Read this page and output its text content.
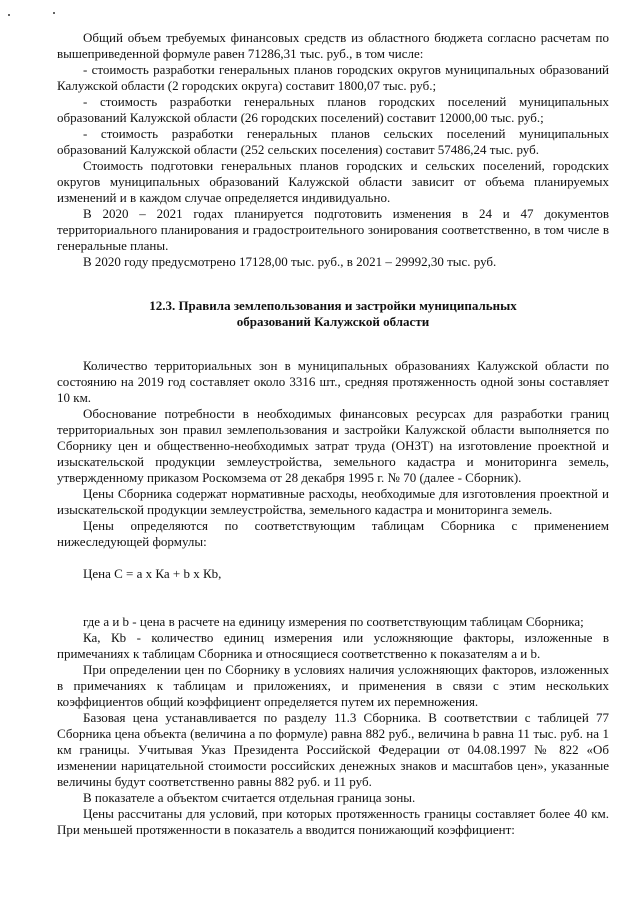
Общий объем требуемых финансовых средств из областного бюджета согласно расчетам по вышеприведенной формуле равен 71286,31 тыс. руб., в том числе:

- стоимость разработки генеральных планов городских округов муниципальных образований Калужской области (2 городских округа) составит 1800,07 тыс. руб.;

- стоимость разработки генеральных планов городских поселений муниципальных образований Калужской области (26 городских поселений) составит 12000,00 тыс. руб.;

- стоимость разработки генеральных планов сельских поселений муниципальных образований Калужской области (252 сельских поселения) составит 57486,24 тыс. руб.

Стоимость подготовки генеральных планов городских и сельских поселений, городских округов муниципальных образований Калужской области зависит от объема планируемых изменений и в каждом случае определяется индивидуально.

В 2020 – 2021 годах планируется подготовить изменения в 24 и 47 документов территориального планирования и градостроительного зонирования соответственно, в том числе в генеральные планы.

В 2020 году предусмотрено 17128,00 тыс. руб., в 2021 – 29992,30 тыс. руб.

12.3. Правила землепользования и застройки муниципальных

образований Калужской области

Количество территориальных зон в муниципальных образованиях Калужской области по состоянию на 2019 год составляет около 3316 шт., средняя протяженность одной зоны составляет 10 км.

Обоснование потребности в необходимых финансовых ресурсах для разработки границ территориальных зон правил землепользования и застройки Калужской области выполняется по Сборнику цен и общественно-необходимых затрат труда (ОНЗТ) на изготовление проектной и изыскательской продукции землеустройства, земельного кадастра и мониторинга земель, утвержденному приказом Роскомзема от 28 декабря 1995 г. № 70 (далее - Сборник).

Цены Сборника содержат нормативные расходы, необходимые для изготовления проектной и изыскательской продукции землеустройства, земельного кадастра и мониторинга земель.

Цены определяются по соответствующим таблицам Сборника с применением нижеследующей формулы:

Цена С = а х Ка + b х Кb,

где а и b - цена в расчете на единицу измерения по соответствующим таблицам Сборника;

Ка, Кb - количество единиц измерения или усложняющие факторы, изложенные в примечаниях к таблицам Сборника и относящиеся соответственно к показателям а и b.

При определении цен по Сборнику в условиях наличия усложняющих факторов, изложенных в примечаниях к таблицам и приложениях, и применения в связи с этим нескольких коэффициентов общий коэффициент определяется путем их перемножения.

Базовая цена устанавливается по разделу 11.3 Сборника. В соответствии с таблицей 77 Сборника цена объекта (величина а по формуле) равна 882 руб., величина b равна 11 тыс. руб. на 1 км границы. Учитывая Указ Президента Российской Федерации от 04.08.1997 № 822 «Об изменении нарицательной стоимости российских денежных знаков и масштабов цен», указанные величины будут соответственно равны 882 руб. и 11 руб.

В показателе а объектом считается отдельная граница зоны.

Цены рассчитаны для условий, при которых протяженность границы составляет более 40 км. При меньшей протяженности в показатель а вводится понижающий коэффициент:
